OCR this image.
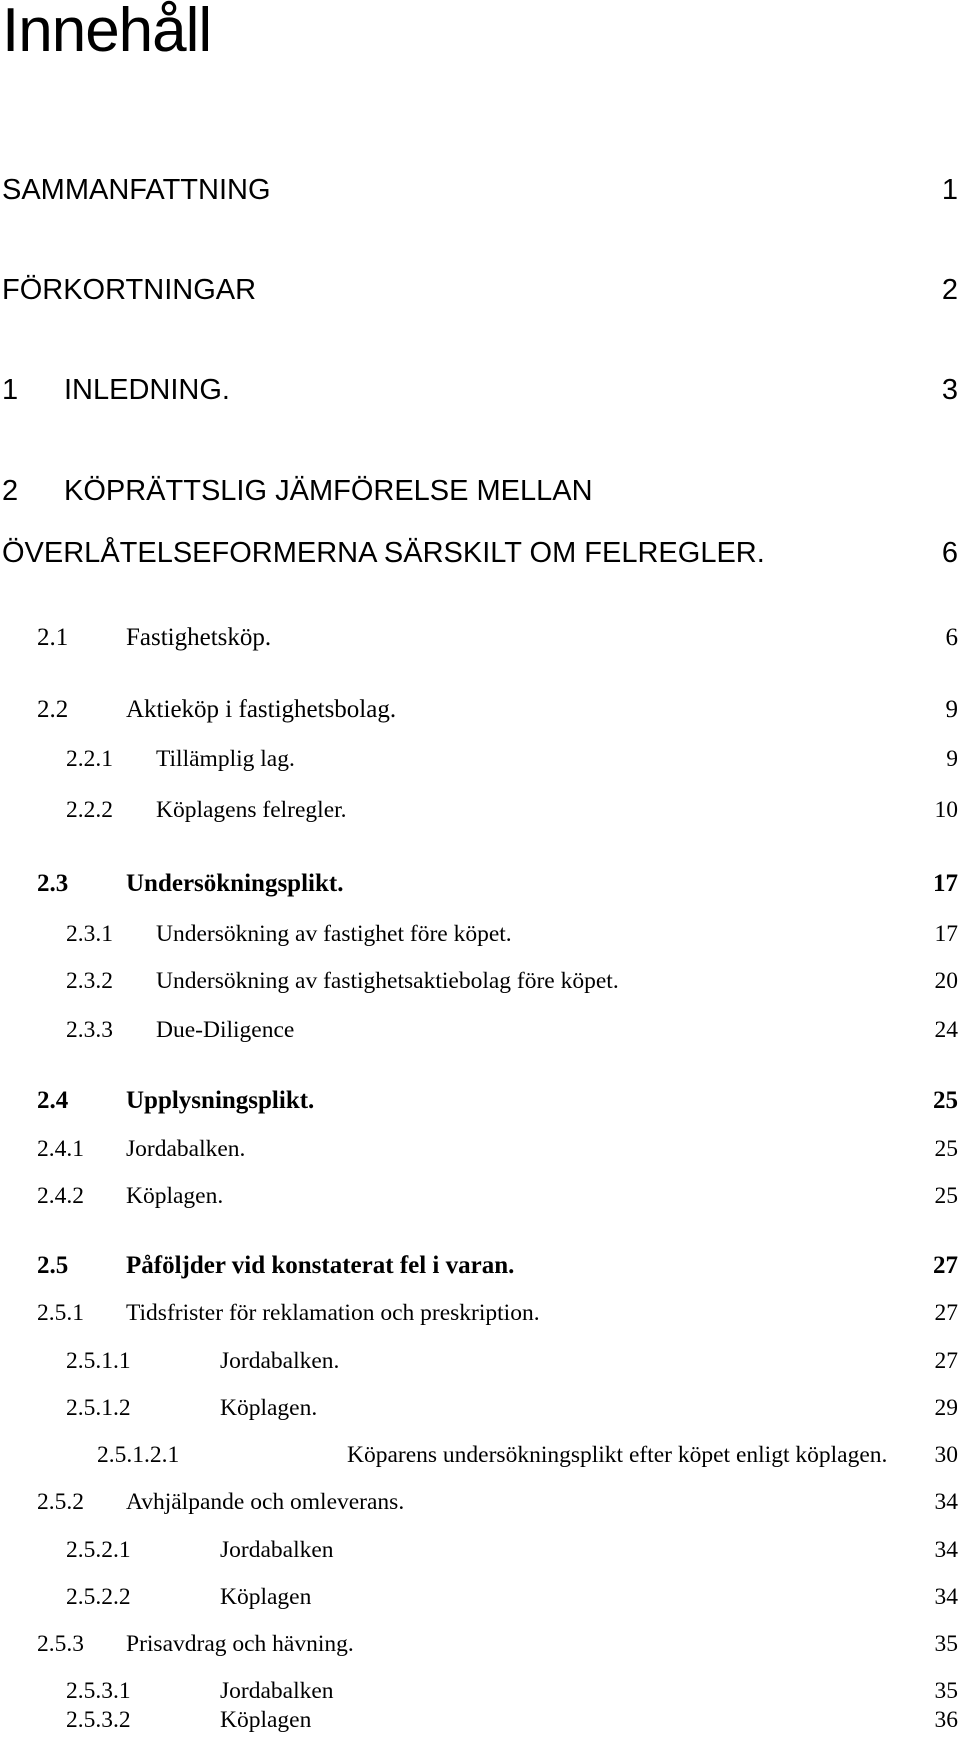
Innehåll
SAMMANFATTNING	1
FÖRKORTNINGAR	2
1	INLEDNING.	3
2	KÖPRÄTTSLIG JÄMFÖRELSE MELLAN
ÖVERLÅTELSEFORMERNA SÄRSKILT OM FELREGLER.	6
2.1	Fastighetsköp.	6
2.2	Aktieköp i fastighetsbolag.	9
2.2.1	Tillämplig lag.	9
2.2.2	Köplagens felregler.	10
2.3	Undersökningsplikt.	17
2.3.1	Undersökning av fastighet före köpet.	17
2.3.2	Undersökning av fastighetsaktiebolag före köpet.	20
2.3.3	Due-Diligence	24
2.4	Upplysningsplikt.	25
2.4.1	Jordabalken.	25
2.4.2	Köplagen.	25
2.5	Påföljder vid konstaterat fel i varan.	27
2.5.1	Tidsfrister för reklamation och preskription.	27
2.5.1.1	Jordabalken.	27
2.5.1.2	Köplagen.	29
2.5.1.2.1	Köparens undersökningsplikt efter köpet enligt köplagen. 30
2.5.2	Avhjälpande och omleverans.	34
2.5.2.1	Jordabalken	34
2.5.2.2	Köplagen	34
2.5.3	Prisavdrag och hävning.	35
2.5.3.1	Jordabalken	35
2.5.3.2	Köplagen	36
